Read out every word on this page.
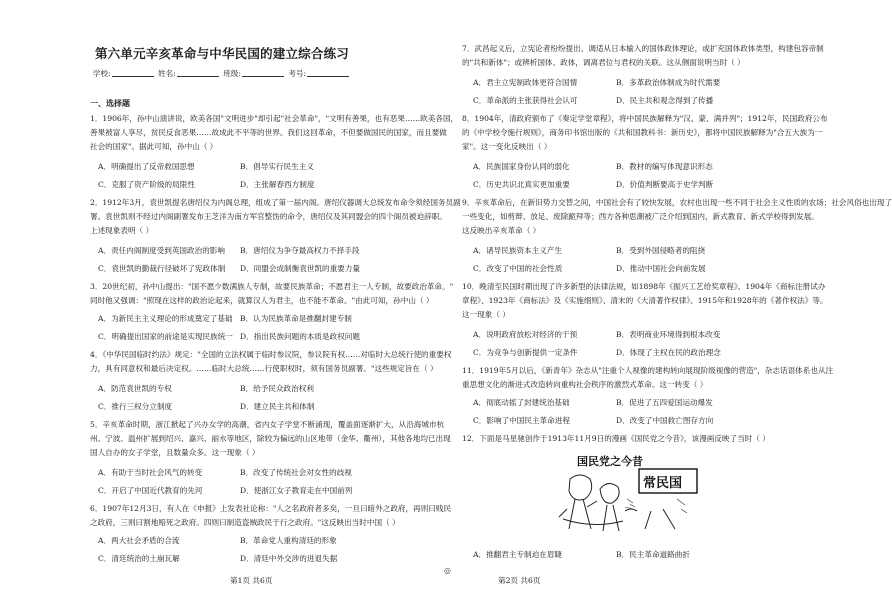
第六单元辛亥革命与中华民国的建立综合练习
学校:	姓名:	班级:	考号:
一、选择题
1．1906年，孙中山演讲说，欧美各国"文明进步"却引起"社会革命"，"文明有善果，也有恶果……欧美各国，
善果被富人享尽，贫民反食恶果……故成此不平等的世界。我们这回革命，不但要做国民的国家，而且要做
社会的国家"。据此可知，孙中山（ ）
A．明确提出了反帝救国思想	B．倡导实行民生主义
C．克服了资产阶级的局限性	D．主张解春西方制度
2．1912年3月，袁世凯提名唐绍仪为内阁总理，组成了第一届内阁。唐绍仪器调大总统发布命令须经国务员副
署。袁世凯则不经过内阁副署发布王芝洋为南方军官整饬的命令，唐绍仪及其同盟会的四个阁员被迫辞职。
上述现象表明（ ）
A．责任内阁制度受到英国政治的影响	B．唐绍仪为争夺最高权力不择手段
C．袁世凯的勤裁行径破坏了宪政体制	D．同盟会成制衡袁世凯的重要力量
3．20世纪初，孙中山提出："国不愿少数满族人专制，故要民族革命；不愿君主一人专制，故要政治革命。"
同时他又强调："照现在这样的政治论起来，就算汉人为君主，也不能不革命。"由此可知，孙中山（ ）
A．为新民主主义理论的形成奠定了基础 B．认为民族革命是推翻封建专制
C．明确提出国家的前途是实现民族统一 D．指出民族问题的本质是政权问题
4．《中华民国临时约法》规定："全国的立法权属于临时参议院，参议院有权……对临时大总统行使的重要权
力，具有同意权和最后决定权。……临时大总统……行使职权时，须有国务员副署。"这些规定旨在（ ）
A．防范袁世凯的专权	B．给予民众政治权利
C．推行三权分立制度	D．建立民主共和体制
5．辛亥革命时期，浙江掀起了兴办女学的高潮，省内女子学堂不断涌现，覆盖面逐渐扩大，从沿海城市杭
州、宁波、温州扩展到绍兴、嘉兴、丽水等地区，除较为偏远的山区地带（金华、衢州），其他各地均已出现
国人自办的女子学堂，且数量众多。这一现象（ ）
A．有助于当时社会风气的转变	B．改变了传统社会对女性的歧视
C．开启了中国近代教育的先河	D．使浙江女子教育走在中国前列
6．1907年12月3日，有人在《申报》上发表社论称："人之名政府者多矣，一旦曰暗外之政府，再则曰贱民
之政府，三则曰割地赔死之政府。四则曰制造盗贼政民于行之政府。"这反映出当时中国（ ）
A．两大社会矛盾的合流	B．革命党人重构清廷的形象
C．清廷统治的土崩瓦解	D．清廷中外交涉的进退失据
第1页 共6页
◎
7．武昌起义后，立宪论者纷纷提出、调适从日本输入的国体政体理论，或扩充国体政体类型，构建包容帝制
的"共和新体"；或辨析国体、政体，调离君位与君权的关联。这从侧面说明当时（ ）
A．君主立宪制政体更符合国情	B．多革政治体制成为时代需要
C．革命派的主张获得社会认可	D．民主共和观念得到了传播
8．1904年，清政府颁布了《奏定学堂章程》，将中国民族解释为"汉、蒙、满并列"；1912年，民国政府公布
的《中学校令施行规则》，商务印书馆出版的《共和国教科书：新历史》，都将中国民族解释为"合五大族为一
家"。这一变化反映出（ ）
A．民族国家身份认同的弱化	B．教材的编写体现意识形态
C．历史共识北真实更加重要	D．价值判断要高于史学判断
9．辛亥革命后，在新旧势力交替之间，中国社会有了较快发展，农村也出现一些不同于社会主义性质的农场；社会风俗也出现了
一些变化，如剪辫、放足、废除跪拜等；西方各种思潮被广泛介绍到国内，新式教育、新式学校得到发展。
这反映出辛亥革命（ ）
A．诸导民族资本主义产生	B．受到外国侵略者的阻挠
C．改变了中国的社会性质	D．推动中国社会向前发展
10．晚清至民国时期出现了许多新型的法律法规，如1898年《振兴工艺给奖章程》、1904年《商标注册试办
章程》、1923年《商标法》及《实施细则》、清末的《大清著作权律》、1915年和1928年的《著作权法》等。
这一现象（ ）
A．说明政府放松对经济的干预	B．表明商业环境得到根本改变
C．为竞争与创新提供一定条件	D．体现了主权在民的政治理念
11．1919年5月以后，《新青年》杂志从"注重个人视像的建构转向展现阶级视像的营造"，杂志话语体系也从注
重思想文化的渐进式改造转向重构社会秩序的激烈式革命。这一转变（ ）
A．彻底动摇了封建统治基础	B．促进了五四爱国运动爆发
C．影响了中国民主革命进程	D．改变了中国救亡图存方向
12．下面是马星驰创作于1913年11月9日的漫画《国民党之今昔》，该漫画反映了当时（ ）
国民党之今昔
常民国
A．推翻君主专制迫在眉睫	B．民主革命道路曲折
第2页 共6页
